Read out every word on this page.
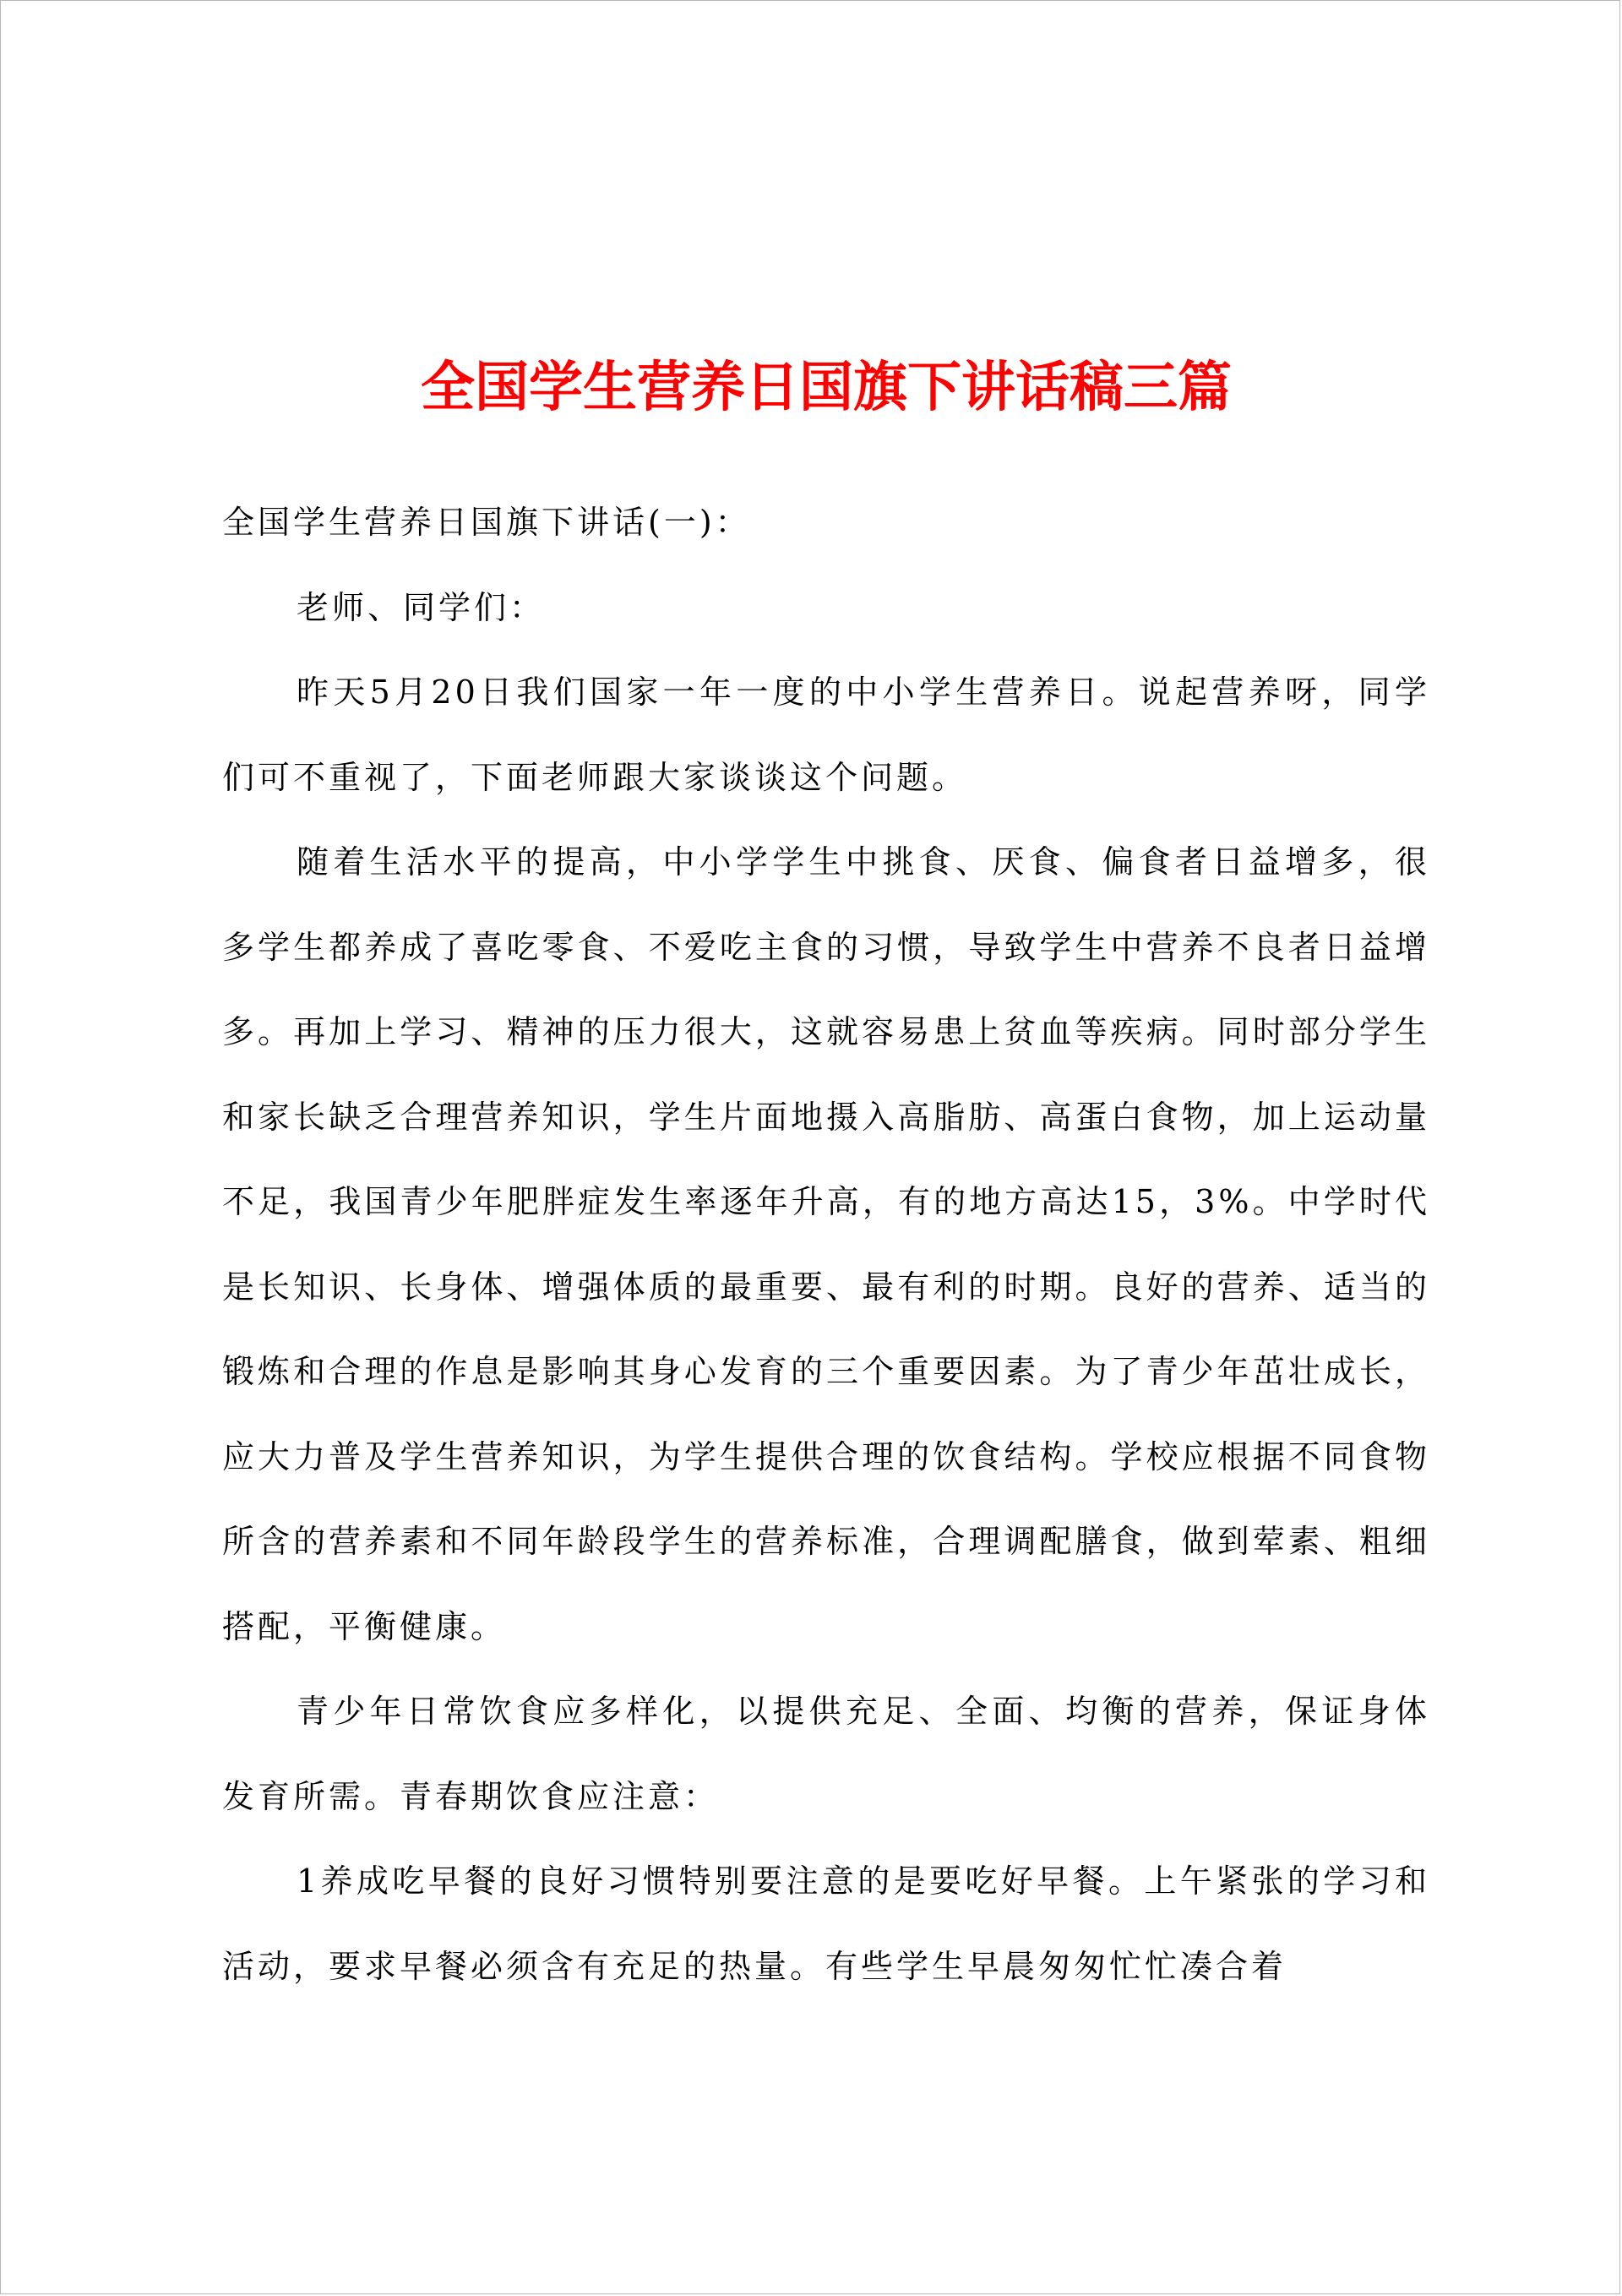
全国学生营养日国旗下讲话稿三篇

全国学生营养日国旗下讲话(一)：

老师、同学们：

昨天5月20日我们国家一年一度的中小学生营养日。说起营养呀，同学们可不重视了，下面老师跟大家谈谈这个问题。

随着生活水平的提高，中小学学生中挑食、厌食、偏食者日益增多，很多学生都养成了喜吃零食、不爱吃主食的习惯，导致学生中营养不良者日益增多。再加上学习、精神的压力很大，这就容易患上贫血等疾病。同时部分学生和家长缺乏合理营养知识，学生片面地摄入高脂肪、高蛋白食物，加上运动量不足，我国青少年肥胖症发生率逐年升高，有的地方高达15，3%。中学时代是长知识、长身体、增强体质的最重要、最有利的时期。良好的营养、适当的锻炼和合理的作息是影响其身心发育的三个重要因素。为了青少年茁壮成长，应大力普及学生营养知识，为学生提供合理的饮食结构。学校应根据不同食物所含的营养素和不同年龄段学生的营养标准，合理调配膳食，做到荤素、粗细搭配，平衡健康。

青少年日常饮食应多样化，以提供充足、全面、均衡的营养，保证身体发育所需。青春期饮食应注意：

1养成吃早餐的良好习惯特别要注意的是要吃好早餐。上午紧张的学习和活动，要求早餐必须含有充足的热量。有些学生早晨匆匆忙忙凑合着
